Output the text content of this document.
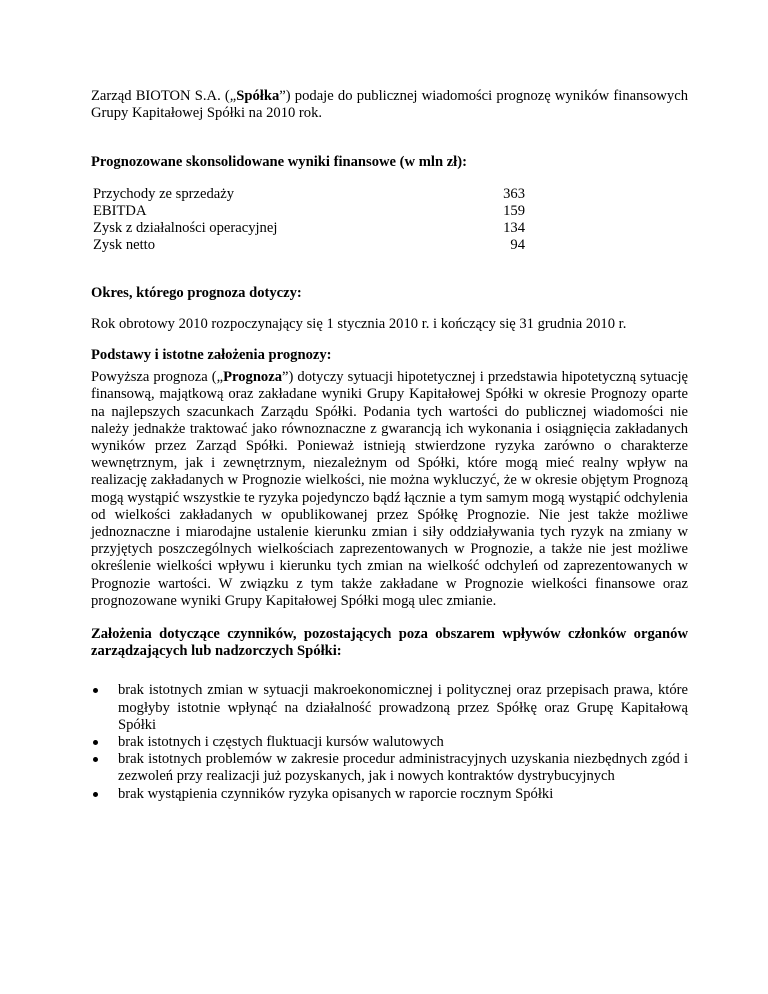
Zarząd BIOTON S.A. („Spółka”) podaje do publicznej wiadomości prognozę wyników finansowych Grupy Kapitałowej Spółki na 2010 rok.

Prognozowane skonsolidowane wyniki finansowe (w mln zł):

Przychody ze sprzedaży	363
EBITDA	159
Zysk z działalności operacyjnej	134
Zysk netto	94

Okres, którego prognoza dotyczy:

Rok obrotowy 2010 rozpoczynający się 1 stycznia 2010 r. i kończący się 31 grudnia 2010 r.

Podstawy i istotne założenia prognozy:

Powyższa prognoza („Prognoza”) dotyczy sytuacji hipotetycznej i przedstawia hipotetyczną sytuację finansową, majątkową oraz zakładane wyniki Grupy Kapitałowej Spółki w okresie Prognozy oparte na najlepszych szacunkach Zarządu Spółki. Podania tych wartości do publicznej wiadomości nie należy jednakże traktować jako równoznaczne z gwarancją ich wykonania i osiągnięcia zakładanych wyników przez Zarząd Spółki. Ponieważ istnieją stwierdzone ryzyka zarówno o charakterze wewnętrznym, jak i zewnętrznym, niezależnym od Spółki, które mogą mieć realny wpływ na realizację zakładanych w Prognozie wielkości, nie można wykluczyć, że w okresie objętym Prognozą mogą wystąpić wszystkie te ryzyka pojedynczo bądź łącznie a tym samym mogą wystąpić odchylenia od wielkości zakładanych w opublikowanej przez Spółkę Prognozie. Nie jest także możliwe jednoznaczne i miarodajne ustalenie kierunku zmian i siły oddziaływania tych ryzyk na zmiany w przyjętych poszczególnych wielkościach zaprezentowanych w Prognozie, a także nie jest możliwe określenie wielkości wpływu i kierunku tych zmian na wielkość odchyleń od zaprezentowanych w Prognozie wartości. W związku z tym także zakładane w Prognozie wielkości finansowe oraz prognozowane wyniki Grupy Kapitałowej Spółki mogą ulec zmianie.

Założenia dotyczące czynników, pozostających poza obszarem wpływów członków organów zarządzających lub nadzorczych Spółki:

brak istotnych zmian w sytuacji makroekonomicznej i politycznej oraz przepisach prawa, które mogłyby istotnie wpłynąć na działalność prowadzoną przez Spółkę oraz Grupę Kapitałową Spółki
brak istotnych i częstych fluktuacji kursów walutowych
brak istotnych problemów w zakresie procedur administracyjnych uzyskania niezbędnych zgód i zezwoleń przy realizacji już pozyskanych, jak i nowych kontraktów dystrybucyjnych
brak wystąpienia czynników ryzyka opisanych w raporcie rocznym Spółki
